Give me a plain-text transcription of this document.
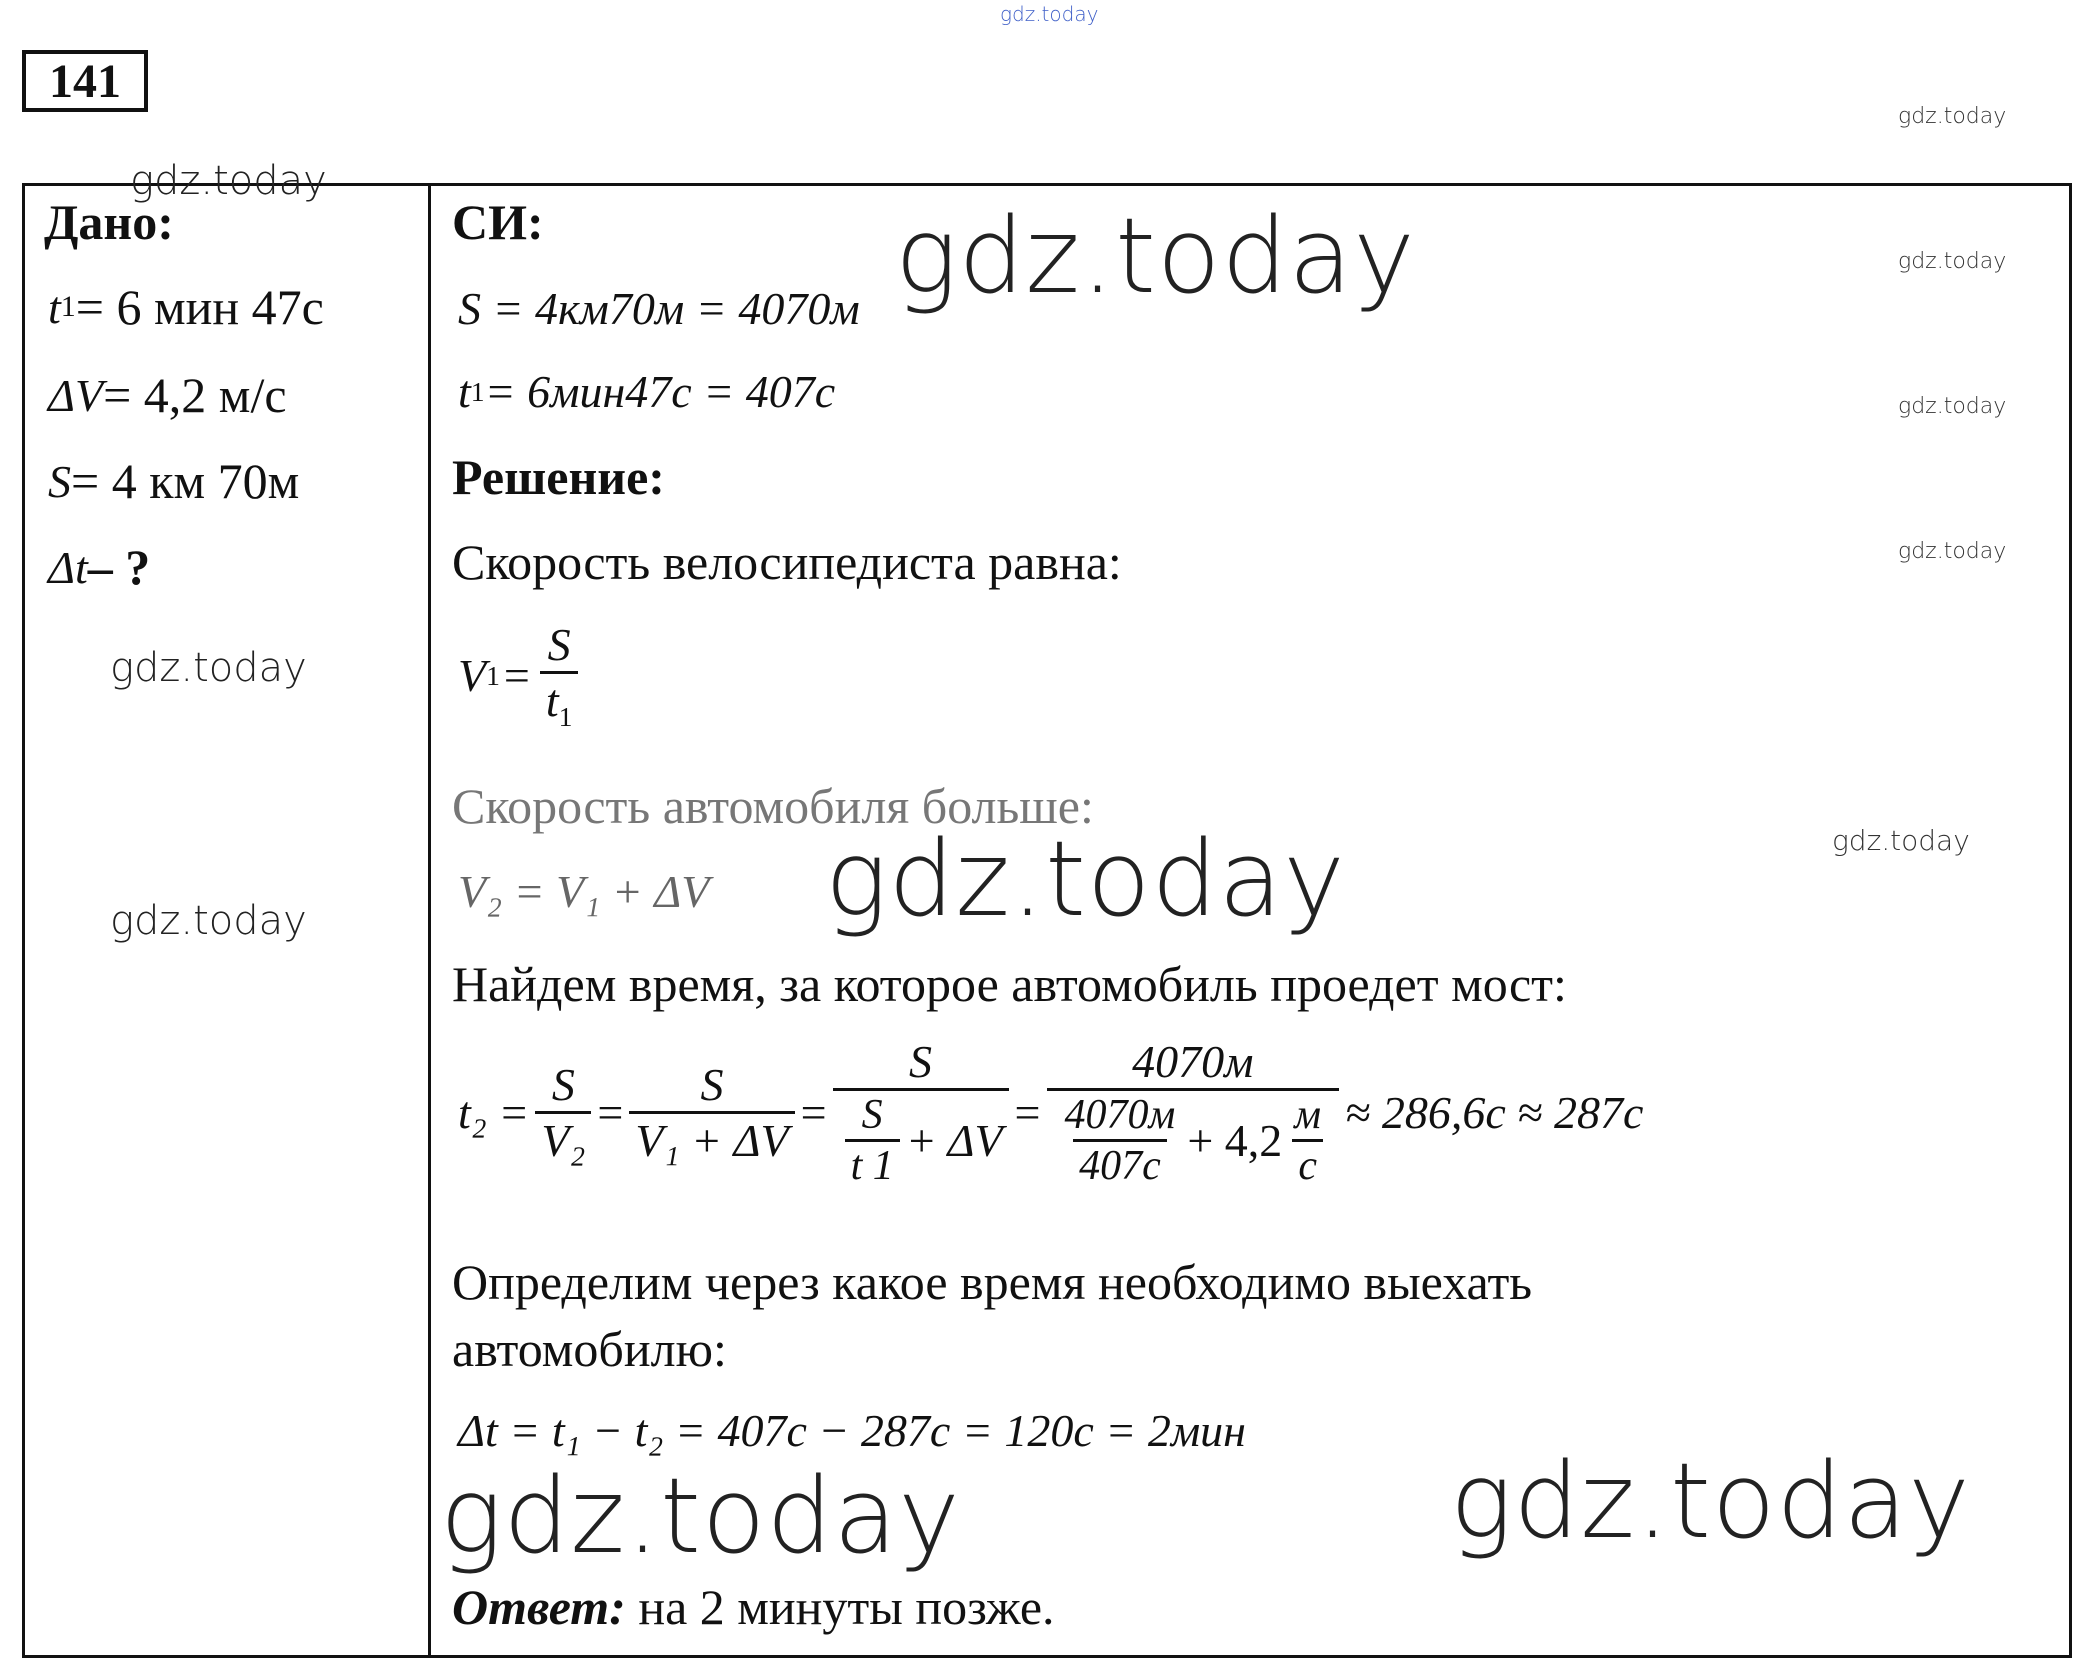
gdz.today
141
Дано:
t 1 = 6 мин 47с
ΔV = 4,2 м/с
S = 4 км 70м
Δt – ?
СИ:
S = 4км70м = 4070м
t 1 = 6мин47с = 407с
Решение:
Скорость велосипедиста равна:
V $1 = \frac{S}{t_1}$
Скорость автомобиля больше:
V₂ = V₁ + ΔV
Найдем время, за которое автомобиль проедет мост:
$t_2 = \frac{S}{\text{V₂}} = \frac{S}{\text{V₁ + ΔV}} = \frac{S}{\frac{S}{t 1} + \Delta V}$ =
4070м
$\frac{4070м}{407с} + 4,2 \frac{м}{с} \approx 286,6с \approx 287с$
Определим через какое время необходимо выехать
автомобилю:
Δt = t₁ − t₂ = 407с − 287с = 120с = 2мин
Ответ: на 2 минуты позже.
gdz.today
gdz.today
gdz.today
gdz.today
gdz.today
gdz.today
gdz.today
gdz.today
gdz.today
gdz.today
gdz.today	gdz.today
